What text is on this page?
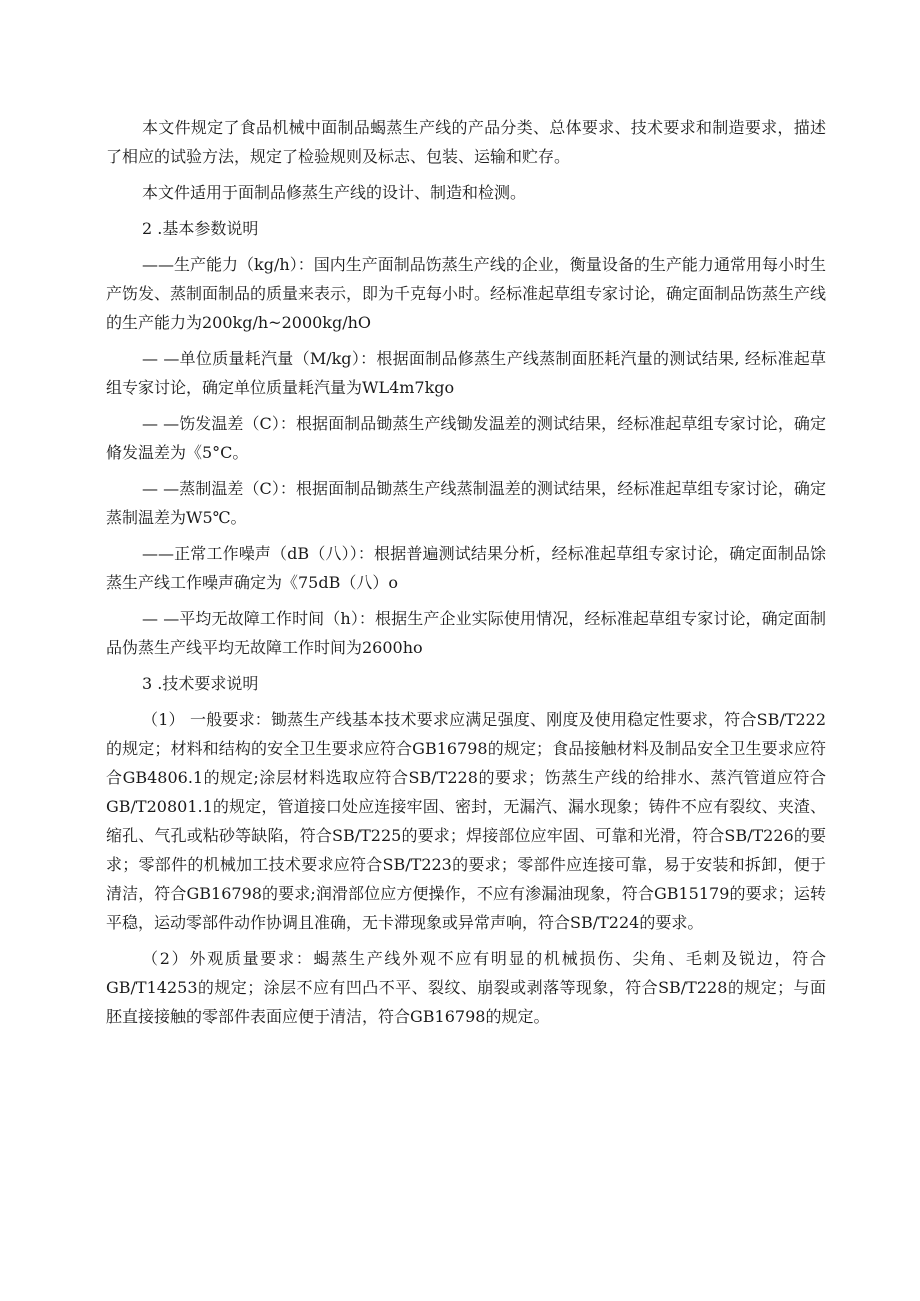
本文件规定了食品机械中面制品蝎蒸生产线的产品分类、总体要求、技术要求和制造要求，描述了相应的试验方法，规定了检验规则及标志、包装、运输和贮存。

本文件适用于面制品修蒸生产线的设计、制造和检测。

2 .基本参数说明

——生产能力（kg/h）：国内生产面制品饬蒸生产线的企业，衡量设备的生产能力通常用每小时生产饬发、蒸制面制品的质量来表示，即为千克每小时。经标准起草组专家讨论，确定面制品饬蒸生产线的生产能力为200kg/h~2000kg/hO

— —单位质量耗汽量（M/kg）：根据面制品修蒸生产线蒸制面胚耗汽量的测试结果, 经标准起草组专家讨论，确定单位质量耗汽量为WL4m7kgo

— —饬发温差（C）：根据面制品锄蒸生产线锄发温差的测试结果，经标准起草组专家讨论，确定脩发温差为《5°C。

— —蒸制温差（C）：根据面制品锄蒸生产线蒸制温差的测试结果，经标准起草组专家讨论，确定蒸制温差为W5℃。

——正常工作噪声（dB（八））：根据普遍测试结果分析，经标准起草组专家讨论，确定面制品馀蒸生产线工作噪声确定为《75dB（八）o

— —平均无故障工作时间（h）：根据生产企业实际使用情况，经标准起草组专家讨论，确定面制品伪蒸生产线平均无故障工作时间为2600ho

3 .技术要求说明

（1） 一般要求：锄蒸生产线基本技术要求应满足强度、刚度及使用稳定性要求，符合SB/T222的规定；材料和结构的安全卫生要求应符合GB16798的规定；食品接触材料及制品安全卫生要求应符合GB4806.1的规定;涂层材料选取应符合SB/T228的要求；饬蒸生产线的给排水、蒸汽管道应符合GB/T20801.1的规定，管道接口处应连接牢固、密封，无漏汽、漏水现象；铸件不应有裂纹、夹渣、缩孔、气孔或粘砂等缺陷，符合SB/T225的要求；焊接部位应牢固、可靠和光滑，符合SB/T226的要求；零部件的机械加工技术要求应符合SB/T223的要求；零部件应连接可靠，易于安装和拆卸，便于清洁，符合GB16798的要求;润滑部位应方便操作，不应有渗漏油现象，符合GB15179的要求；运转平稳，运动零部件动作协调且准确，无卡滞现象或异常声响，符合SB/T224的要求。

（2）外观质量要求：蝎蒸生产线外观不应有明显的机械损伤、尖角、毛刺及锐边，符合GB/T14253的规定；涂层不应有凹凸不平、裂纹、崩裂或剥落等现象，符合SB/T228的规定；与面胚直接接触的零部件表面应便于清洁，符合GB16798的规定。
